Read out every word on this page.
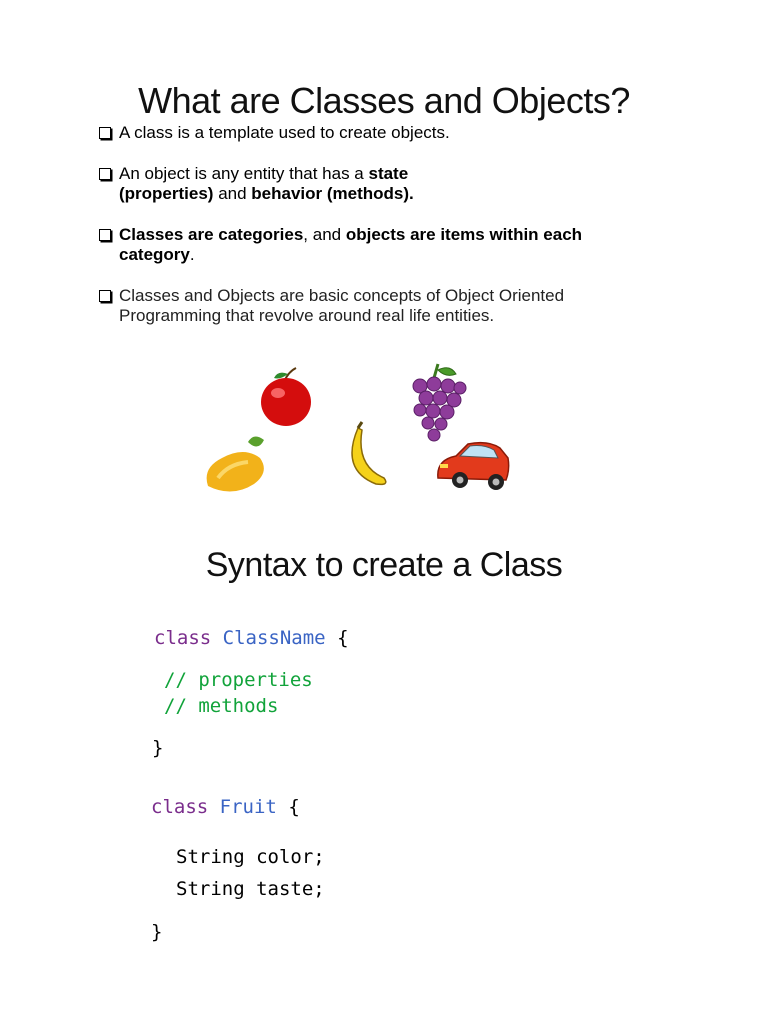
What are Classes and Objects?
A class is a template used to create objects.
An object is any entity that has a state
(properties) and behavior (methods).
Classes are categories, and objects are items within each
category.
Classes and Objects are basic concepts of Object Oriented
Programming that revolve around real life entities.
Syntax to create a Class
class ClassName {
// properties
// methods
}
class Fruit {
String color;
String taste;
}
